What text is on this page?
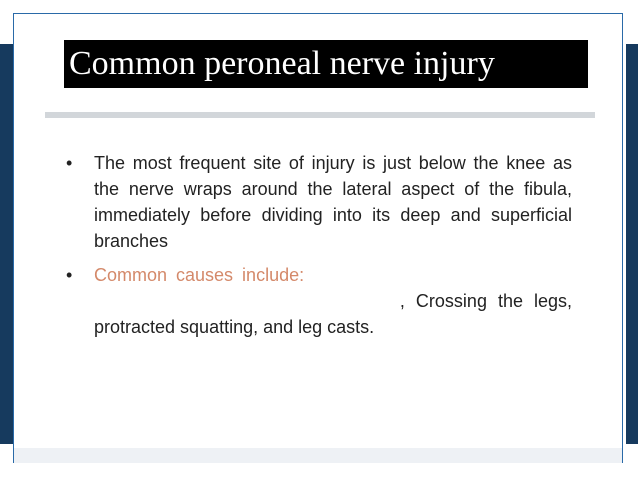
Common peroneal nerve injury
• The most frequent site of injury is just below the knee as the nerve wraps around the lateral aspect of the fibula, immediately before dividing into its deep and superficial branches
• Common causes include:
, Crossing the legs,
protracted squatting, and leg casts.
